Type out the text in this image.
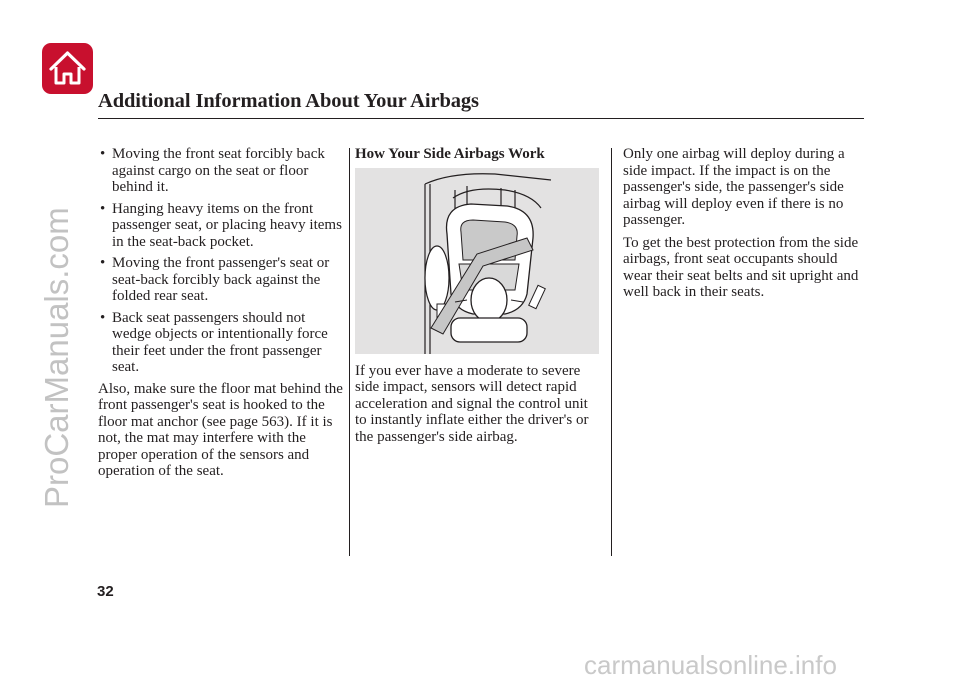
Additional Information About Your Airbags
• Moving the front seat forcibly back against cargo on the seat or floor behind it.
• Hanging heavy items on the front passenger seat, or placing heavy items in the seat-back pocket.
• Moving the front passenger's seat or seat-back forcibly back against the folded rear seat.
• Back seat passengers should not wedge objects or intentionally force their feet under the front passenger seat.

Also, make sure the floor mat behind the front passenger's seat is hooked to the floor mat anchor (see page 563). If it is not, the mat may interfere with the proper operation of the sensors and operation of the seat.

How Your Side Airbags Work

If you ever have a moderate to severe side impact, sensors will detect rapid acceleration and signal the control unit to instantly inflate either the driver's or the passenger's side airbag.

Only one airbag will deploy during a side impact. If the impact is on the passenger's side, the passenger's side airbag will deploy even if there is no passenger.

To get the best protection from the side airbags, front seat occupants should wear their seat belts and sit upright and well back in their seats.

32

ProCarManuals.com
carmanualsonline.info
